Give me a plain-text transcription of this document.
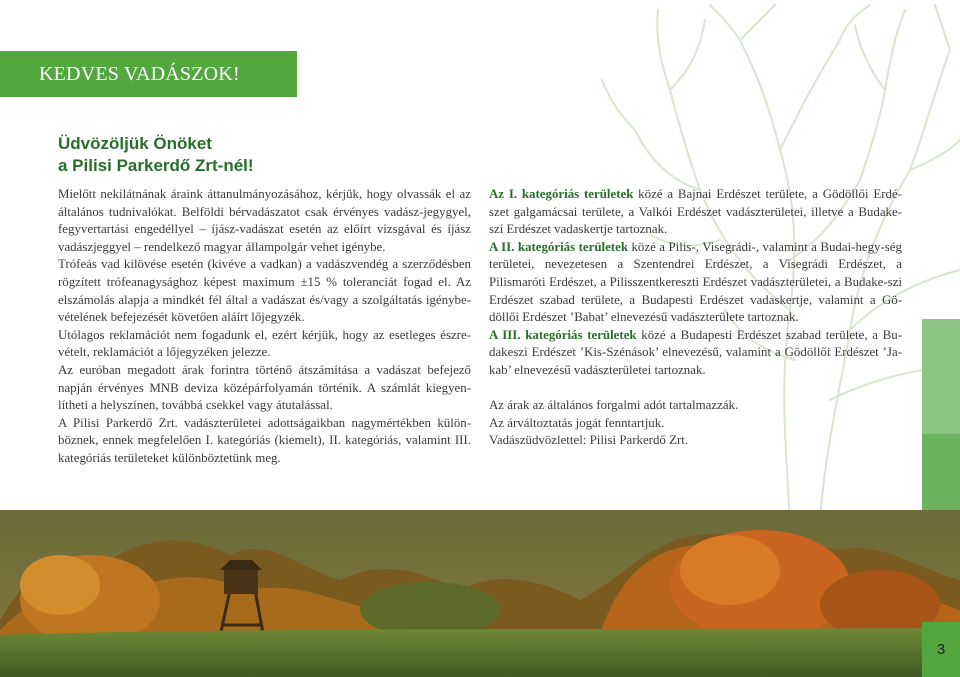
KEDVES VADÁSZOK!
Üdvözöljük Önöket
a Pilisi Parkerdő Zrt-nél!

Mielőtt nekilátnának áraink áttanulmányozásához, kérjük, hogy olvassák el az általános tudnivalókat. Belföldi bérvadászatot csak érvényes vadász-jegygyel, fegyvertartási engedéllyel – íjász-vadászat esetén az előírt vizsgával és íjász vadászjeggyel – rendelkező magyar állampolgár vehet igénybe.

Trófeás vad kilövése esetén (kivéve a vadkan) a vadászvendég a szerződésben rögzített trófeanagysághoz képest maximum ±15 % toleranciát fogad el. Az elszámolás alapja a mindkét fél által a vadászat és/vagy a szolgáltatás igénybe-vételének befejezését követően aláírt lőjegyzék.

Utólagos reklamációt nem fogadunk el, ezért kérjük, hogy az esetleges észre-vételt, reklamációt a lőjegyzéken jelezze.

Az euróban megadott árak forintra történő átszámítása a vadászat befejező napján érvényes MNB deviza középárfolyamán történik. A számlát kiegyen-lítheti a helyszínen, továbbá csekkel vagy átutalással.

A Pilisi Parkerdő Zrt. vadászterületei adottságaikban nagymértékben külön-böznek, ennek megfelelően I. kategóriás (kiemelt), II. kategóriás, valamint III. kategóriás területeket különböztetünk meg.

Az I. kategóriás területek közé a Bajnai Erdészet területe, a Gödöllői Erdé-szet galgamácsai területe, a Valkói Erdészet vadászterületei, illetve a Budake-szi Erdészet vadaskertje tartoznak.

A II. kategóriás területek közé a Pilis-, Visegrádi-, valamint a Budai-hegy-ség területei, nevezetesen a Szentendrei Erdészet, a Visegrádi Erdészet, a Pilismaróti Erdészet, a Pilisszentkereszti Erdészet vadászterületei, a Budake-szi Erdészet szabad területe, a Budapesti Erdészet vadaskertje, valamint a Gö-döllői Erdészet ’Babat’ elnevezésű vadászterülete tartoznak.

A III. kategóriás területek közé a Budapesti Erdészet szabad területe, a Bu-dakeszi Erdészet ’Kis-Szénások’ elnevezésű, valamint a Gödöllői Erdészet ’Ja-kab’ elnevezésű vadászterületei tartoznak.

Az árak az általános forgalmi adót tartalmazzák.

Az árváltoztatás jogát fenntartjuk.

Vadászüdvözlettel: Pilisi Parkerdő Zrt.

3
